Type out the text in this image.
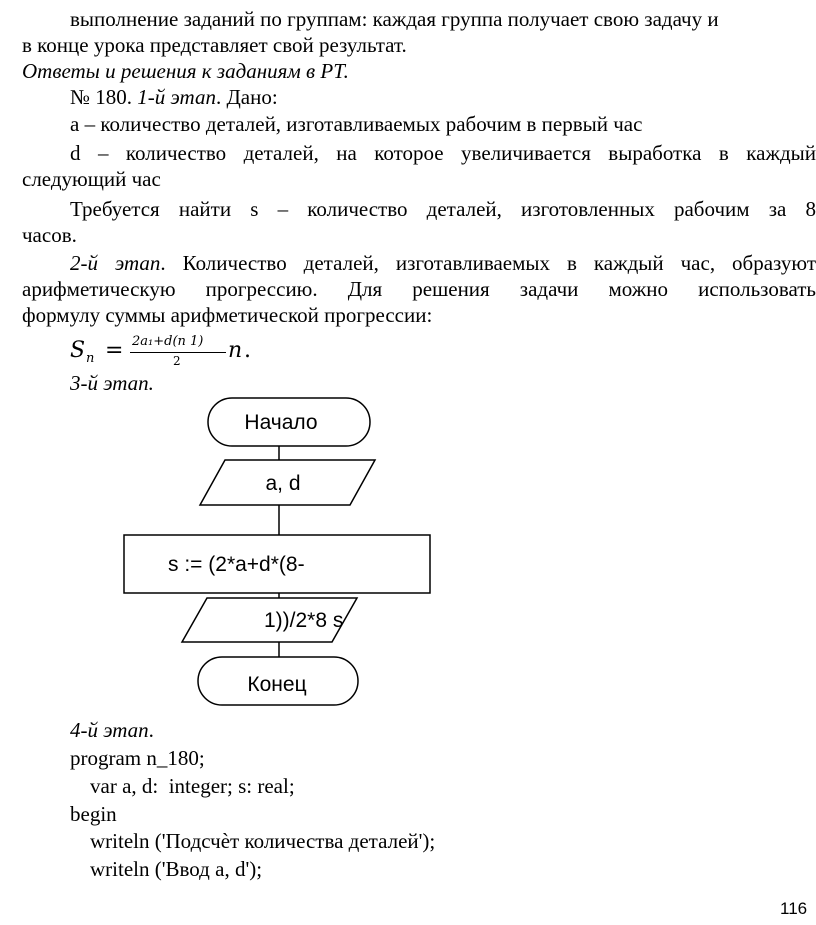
выполнение заданий по группам: каждая группа получает свою задачу и
в конце урока представляет свой результат.
Ответы и решения к заданиям в РТ.
№ 180. 1-й этап. Дано:
a – количество деталей, изготавливаемых рабочим в первый час
d – количество деталей, на которое увеличивается выработка в каждый
следующий час
Требуется найти s – количество деталей, изготовленных рабочим за 8
часов.
2-й этап. Количество деталей, изготавливаемых в каждый час, образуют
арифметическую прогрессию. Для решения задачи можно использовать
формулу суммы арифметической прогрессии:
S n = 2a₁+d(n 1)
2 n .
3-й этап.
Начало
a, d
s := (2*a+d*(8-
1))/2*8 s
Конец
4-й этап.
program n_180;
var a, d:  integer; s: real;
begin
writeln ('Подсчѐт количества деталей');
writeln ('Ввод a, d');
116
